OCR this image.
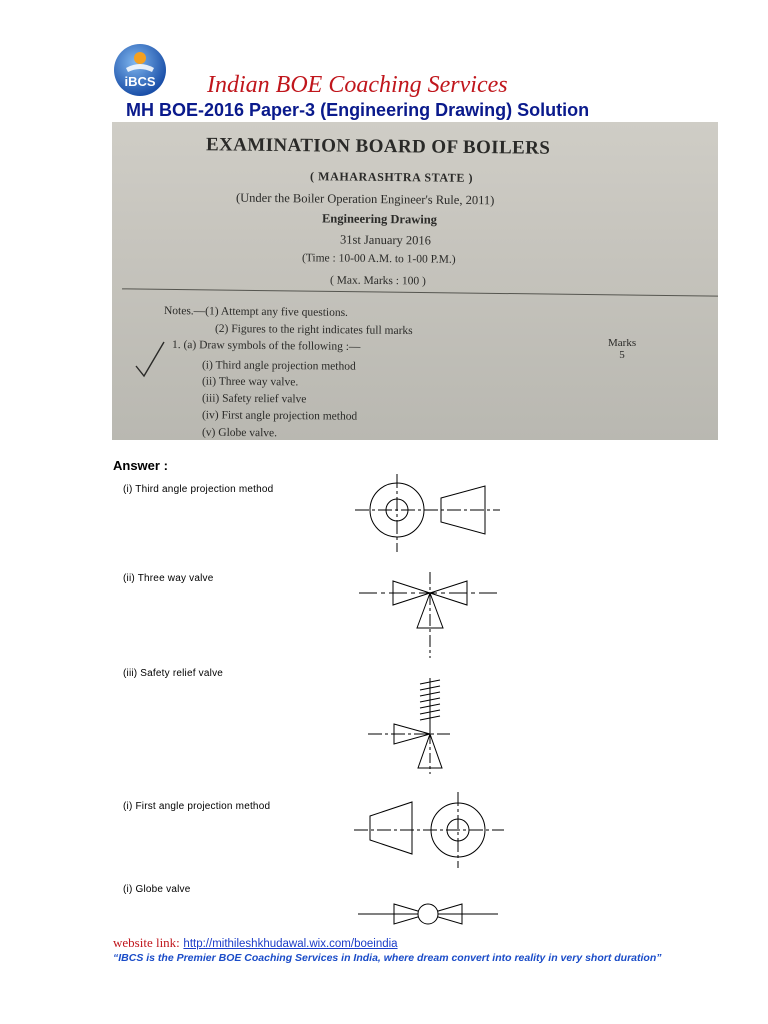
iBCS Indian BOE Coaching Services
MH BOE-2016 Paper-3 (Engineering Drawing) Solution
EXAMINATION BOARD OF BOILERS
( MAHARASHTRA STATE )
(Under the Boiler Operation Engineer's Rule, 2011)
Engineering Drawing
31st January 2016
(Time : 10-00 A.M. to 1-00 P.M.)
( Max. Marks : 100 )
Notes.—(1) Attempt any five questions.
(2) Figures to the right indicates full marks
1. (a) Draw symbols of the following :—	Marks
5
(i) Third angle projection method
(ii) Three way valve.
(iii) Safety relief valve
(iv) First angle projection method
(v) Globe valve.
Answer :
(i) Third angle projection method
(ii) Three way valve
(iii) Safety relief valve
(i) First angle projection method
(i) Globe valve
website link: http://mithileshkhudawal.wix.com/boeindia
“IBCS is the Premier BOE Coaching Services in India, where dream convert into reality in very short duration”
